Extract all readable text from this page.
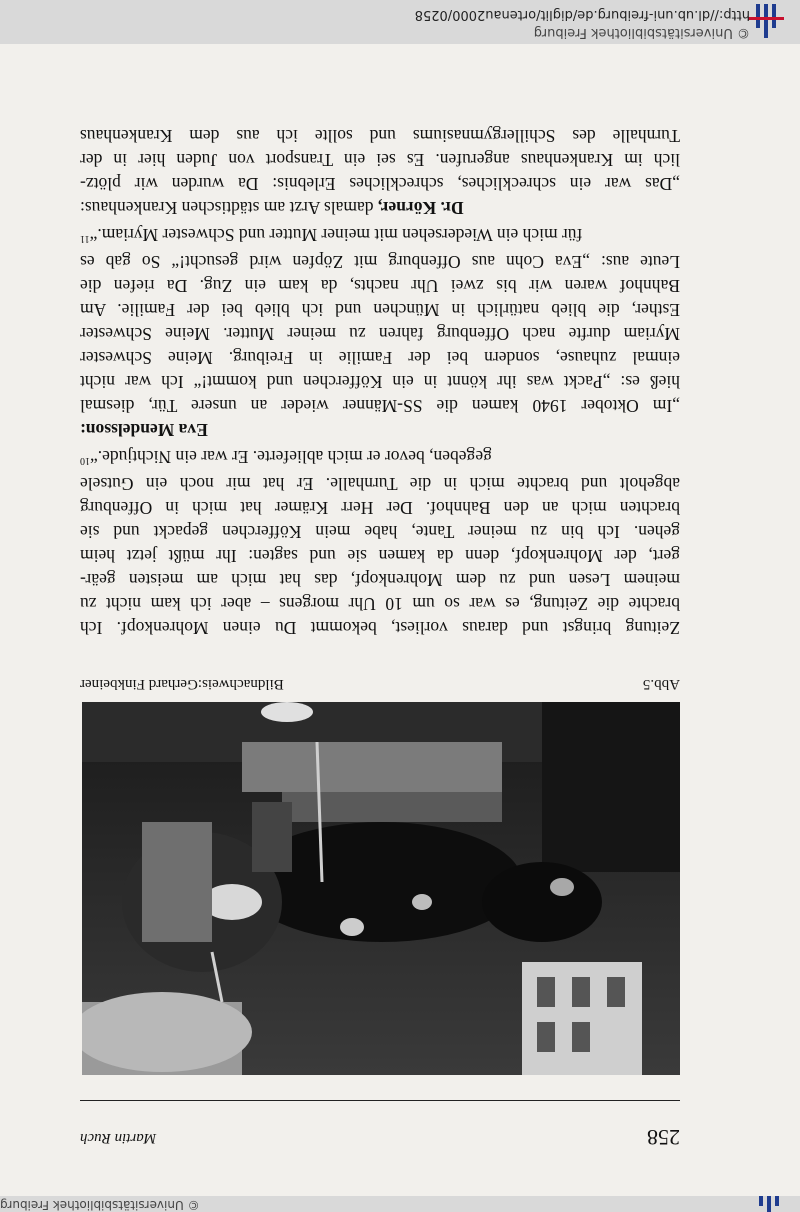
© Universitätsbibliothek Freiburg
http://dl.ub.uni-freiburg.de/diglit/ortenau2000/0258
© Universitätsbibliothek Freiburg
258
Martin Ruch
Abb.5
Bildnachweis:Gerhard Finkbeiner
Zeitung bringst und daraus vorliest, bekommt Du einen Mohrenkopf. Ich
brachte die Zeitung, es war so um 10 Uhr morgens – aber ich kam nicht zu
meinem Lesen und zu dem Mohrenkopf, das hat mich am meisten geär-
gert, der Mohrenkopf, denn da kamen sie und sagten: Ihr müßt jetzt heim
gehen. Ich bin zu meiner Tante, habe mein Köfferchen gepackt und sie
brachten mich an den Bahnhof. Der Herr Krämer hat mich in Offenburg
abgeholt und brachte mich in die Turnhalle. Er hat mir noch ein Gutsele
gegeben, bevor er mich ablieferte. Er war ein Nichtjude.“$^{10}$
Eva Mendelsson:
„Im Oktober 1940 kamen die SS-Männer wieder an unsere Tür, diesmal
hieß es: „Packt was ihr könnt in ein Köfferchen und kommt!“ Ich war nicht
einmal zuhause, sondern bei der Familie in Freiburg. Meine Schwester
Myriam durfte nach Offenburg fahren zu meiner Mutter. Meine Schwester
Esther, die blieb natürlich in München und ich blieb bei der Familie. Am
Bahnhof waren wir bis zwei Uhr nachts, da kam ein Zug. Da riefen die
Leute aus: „Eva Cohn aus Offenburg mit Zöpfen wird gesucht!“ So gab es
für mich ein Wiedersehen mit meiner Mutter und Schwester Myriam.“$^{11}$
Dr. Körner, damals Arzt am städtischen Krankenhaus:
„Das war ein schreckliches, schreckliches Erlebnis: Da wurden wir plötz-
lich im Krankenhaus angerufen. Es sei ein Transport von Juden hier in der
Turnhalle des Schillergymnasiums und sollte ich aus dem Krankenhaus
